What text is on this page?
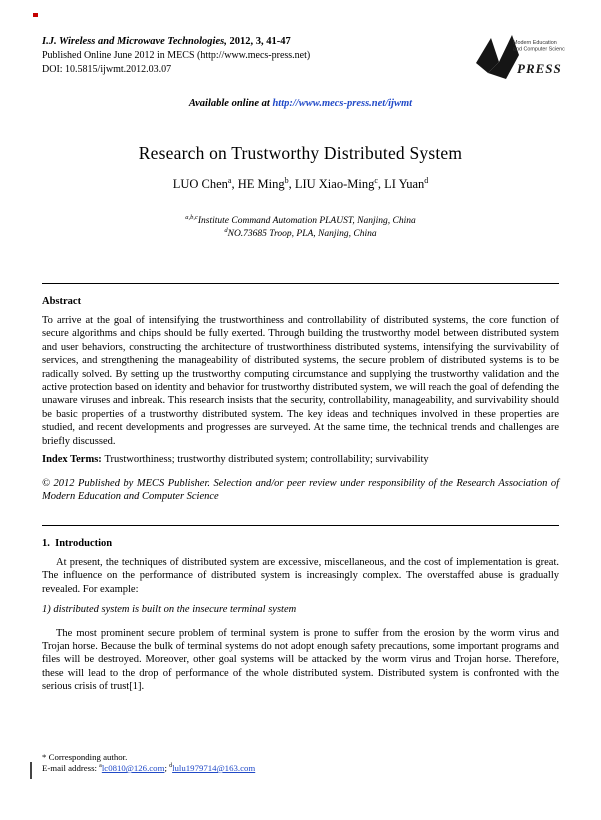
I.J. Wireless and Microwave Technologies, 2012, 3, 41-47
Published Online June 2012 in MECS (http://www.mecs-press.net)
DOI: 10.5815/ijwmt.2012.03.07
Modern Education
and Computer Science
PRESS
Available online at http://www.mecs-press.net/ijwmt
Research on Trustworthy Distributed System
LUO Chen$^a$, HE Ming$^b$, LIU Xiao-Ming$^c$, LI Yuan$^d$
$^{a,b,c}$Institute Command Automation PLAUST, Nanjing, China
$^d$NO.73685 Troop, PLA, Nanjing, China
Abstract

To arrive at the goal of intensifying the trustworthiness and controllability of distributed systems, the core function of secure algorithms and chips should be fully exerted. Through building the trustworthy model between distributed system and user behaviors, constructing the architecture of trustworthiness distributed systems, intensifying the survivability of services, and strengthening the manageability of distributed systems, the secure problem of distributed systems is to be radically solved. By setting up the trustworthy computing circumstance and supplying the trustworthy validation and the active protection based on identity and behavior for trustworthy distributed system, we will reach the goal of defending the unaware viruses and inbreak. This research insists that the security, controllability, manageability, and survivability should be basic properties of a trustworthy distributed system. The key ideas and techniques involved in these properties are studied, and recent developments and progresses are surveyed. At the same time, the technical trends and challenges are briefly discussed.

Index Terms: Trustworthiness; trustworthy distributed system; controllability; survivability

© 2012 Published by MECS Publisher. Selection and/or peer review under responsibility of the Research Association of Modern Education and Computer Science

1.  Introduction

At present, the techniques of distributed system are excessive, miscellaneous, and the cost of implementation is great. The influence on the performance of distributed system is increasingly complex. The overstaffed abuse is gradually revealed. For example:

1) distributed system is built on the insecure terminal system

The most prominent secure problem of terminal system is prone to suffer from the erosion by the worm virus and Trojan horse. Because the bulk of terminal systems do not adopt enough safety precautions, some important programs and files will be destroyed. Moreover, other goal systems will be attacked by the worm virus and Trojan horse. Therefore, these will lead to the drop of performance of the whole distributed system. Distributed system is confronted with the serious crisis of trust[1].

* Corresponding author.
E-mail address: $^a$lc0810@126.com; $^d$lulu1979714@163.com
